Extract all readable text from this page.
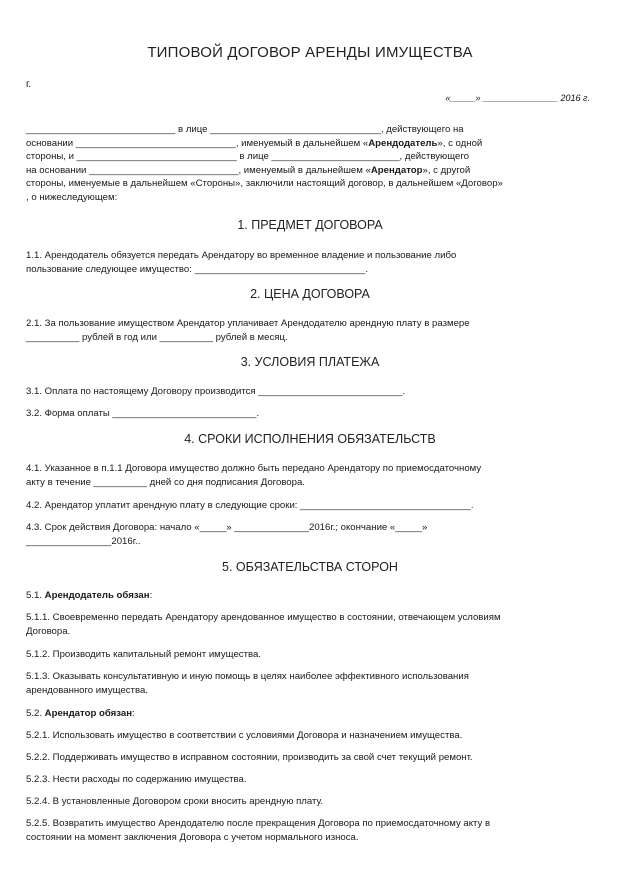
ТИПОВОЙ ДОГОВОР АРЕНДЫ ИМУЩЕСТВА
г.
«_____» _______________ 2016 г.
____________________________ в лице ________________________________, действующего на
основании ______________________________, именуемый в дальнейшем «Арендодатель», с одной
стороны, и ______________________________ в лице ________________________, действующего
на основании ____________________________, именуемый в дальнейшем «Арендатор», с другой
стороны, именуемые в дальнейшем «Стороны», заключили настоящий договор, в дальнейшем «Договор»
, о нижеследующем:
1. ПРЕДМЕТ ДОГОВОРА
1.1. Арендодатель обязуется передать Арендатору во временное владение и пользование либо
пользование следующее имущество: ________________________________.
2. ЦЕНА ДОГОВОРА
2.1. За пользование имуществом Арендатор уплачивает Арендодателю арендную плату в размере
__________ рублей в год или __________ рублей в месяц.
3. УСЛОВИЯ ПЛАТЕЖА
3.1. Оплата по настоящему Договору производится ___________________________.
3.2. Форма оплаты ___________________________.
4. СРОКИ ИСПОЛНЕНИЯ ОБЯЗАТЕЛЬСТВ
4.1. Указанное в п.1.1 Договора имущество должно быть передано Арендатору по приемосдаточному
акту в течение __________ дней со дня подписания Договора.
4.2. Арендатор уплатит арендную плату в следующие сроки: ________________________________.
4.3. Срок действия Договора: начало «_____» ______________2016г.; окончание «_____»
________________2016г..
5. ОБЯЗАТЕЛЬСТВА СТОРОН
5.1. Арендодатель обязан:
5.1.1. Своевременно передать Арендатору арендованное имущество в состоянии, отвечающем условиям
Договора.
5.1.2. Производить капитальный ремонт имущества.
5.1.3. Оказывать консультативную и иную помощь в целях наиболее эффективного использования
арендованного имущества.
5.2. Арендатор обязан:
5.2.1. Использовать имущество в соответствии с условиями Договора и назначением имущества.
5.2.2. Поддерживать имущество в исправном состоянии, производить за свой счет текущий ремонт.
5.2.3. Нести расходы по содержанию имущества.
5.2.4. В установленные Договором сроки вносить арендную плату.
5.2.5. Возвратить имущество Арендодателю после прекращения Договора по приемосдаточному акту в
состоянии на момент заключения Договора с учетом нормального износа.
